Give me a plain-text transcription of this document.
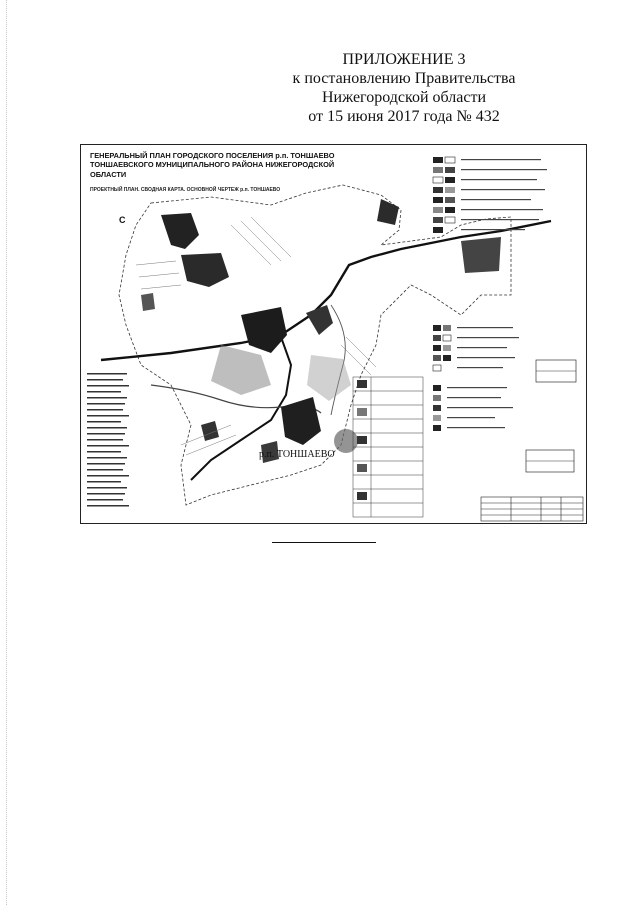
ПРИЛОЖЕНИЕ 3
к постановлению Правительства
Нижегородской области
от 15 июня 2017 года № 432
ГЕНЕРАЛЬНЫЙ ПЛАН ГОРОДСКОГО ПОСЕЛЕНИЯ р.п. ТОНШАЕВО ТОНШАЕВСКОГО МУНИЦИПАЛЬНОГО РАЙОНА НИЖЕГОРОДСКОЙ ОБЛАСТИ
ПРОЕКТНЫЙ ПЛАН. СВОДНАЯ КАРТА. ОСНОВНОЙ ЧЕРТЕЖ р.п. ТОНШАЕВО
С
р.п. ТОНШАЕВО
